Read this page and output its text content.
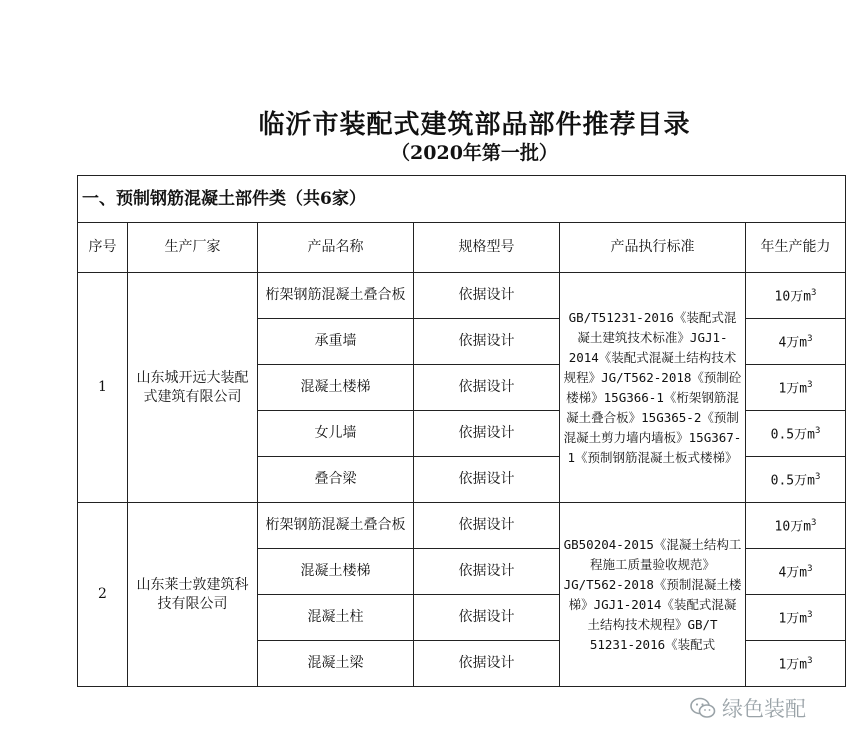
临沂市装配式建筑部品部件推荐目录
（2020年第一批）
一、预制钢筋混凝土部件类（共6家）					
序号	生产厂家	产品名称	规格型号	产品执行标准	年生产能力
1	山东城开远大装配式建筑有限公司	桁架钢筋混凝土叠合板	依据设计	GB/T51231-2016《装配式混凝土建筑技术标准》JGJ1-2014《装配式混凝土结构技术规程》JG/T562-2018《预制砼楼梯》15G366-1《桁架钢筋混凝土叠合板》15G365-2《预制混凝土剪力墙内墙板》15G367-1《预制钢筋混凝土板式楼梯》	10万$m^3$
		承重墙	依据设计		4万$m^3$
		混凝土楼梯	依据设计		1万$m^3$
		女儿墙	依据设计		0.5万$m^3$
		叠合梁	依据设计		0.5万$m^3$
2	山东莱士敦建筑科技有限公司	桁架钢筋混凝土叠合板	依据设计	GB50204-2015《混凝土结构工程施工质量验收规范》JG/T562-2018《预制混凝土楼梯》JGJ1-2014《装配式混凝土结构技术规程》GB/T 51231-2016《装配式	10万$m^3$
		混凝土楼梯	依据设计		4万$m^3$
		混凝土柱	依据设计		1万$m^3$
		混凝土梁	依据设计		1万$m^3$
绿色装配
